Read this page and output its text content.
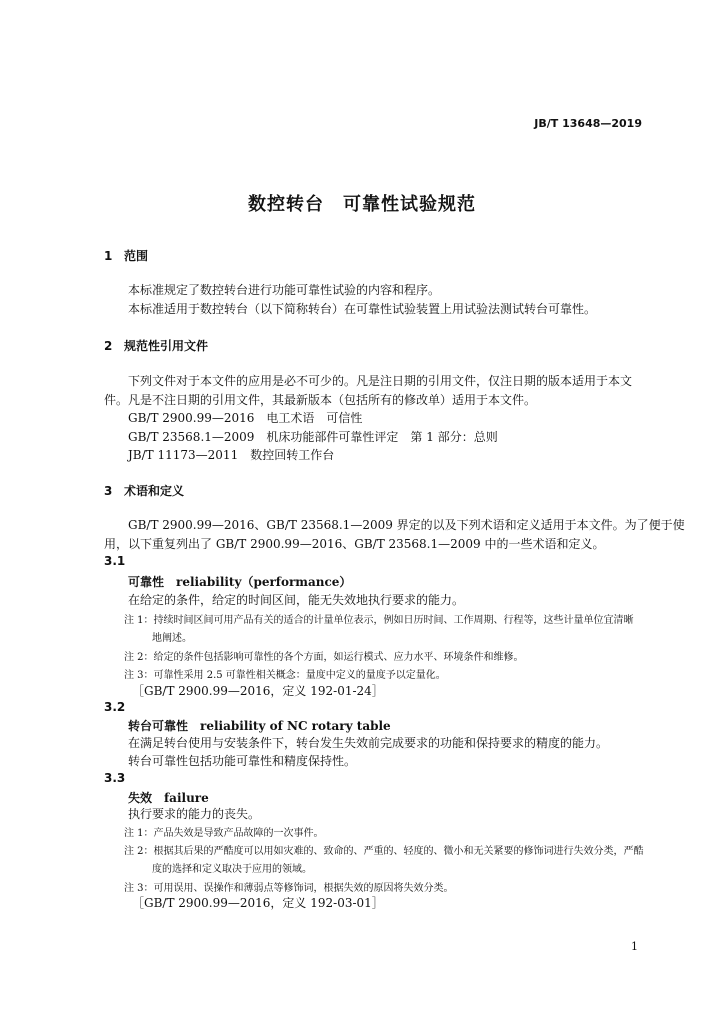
JB/T 13648—2019
数控转台　可靠性试验规范
1 范围
本标准规定了数控转台进行功能可靠性试验的内容和程序。
本标准适用于数控转台（以下简称转台）在可靠性试验装置上用试验法测试转台可靠性。
2 规范性引用文件
下列文件对于本文件的应用是必不可少的。凡是注日期的引用文件，仅注日期的版本适用于本文
件。凡是不注日期的引用文件，其最新版本（包括所有的修改单）适用于本文件。
GB/T 2900.99—2016　电工术语　可信性
GB/T 23568.1—2009　机床功能部件可靠性评定　第 1 部分：总则
JB/T 11173—2011　数控回转工作台
3 术语和定义
GB/T 2900.99—2016、GB/T 23568.1—2009 界定的以及下列术语和定义适用于本文件。为了便于使
用，以下重复列出了 GB/T 2900.99—2016、GB/T 23568.1—2009 中的一些术语和定义。
3.1
可靠性 reliability（performance）
在给定的条件，给定的时间区间，能无失效地执行要求的能力。
注 1：持续时间区间可用产品有关的适合的计量单位表示，例如日历时间、工作周期、行程等，这些计量单位宜清晰
地阐述。
注 2：给定的条件包括影响可靠性的各个方面，如运行模式、应力水平、环境条件和维修。
注 3：可靠性采用 2.5 可靠性相关概念：量度中定义的量度予以定量化。
［GB/T 2900.99—2016，定义 192-01-24］
3.2
转台可靠性 reliability of NC rotary table
在满足转台使用与安装条件下，转台发生失效前完成要求的功能和保持要求的精度的能力。
转台可靠性包括功能可靠性和精度保持性。
3.3
失效 failure
执行要求的能力的丧失。
注 1：产品失效是导致产品故障的一次事件。
注 2：根据其后果的严酷度可以用如灾难的、致命的、严重的、轻度的、微小和无关紧要的修饰词进行失效分类，严酷
度的选择和定义取决于应用的领域。
注 3：可用误用、误操作和薄弱点等修饰词，根据失效的原因将失效分类。
［GB/T 2900.99—2016，定义 192-03-01］
1
